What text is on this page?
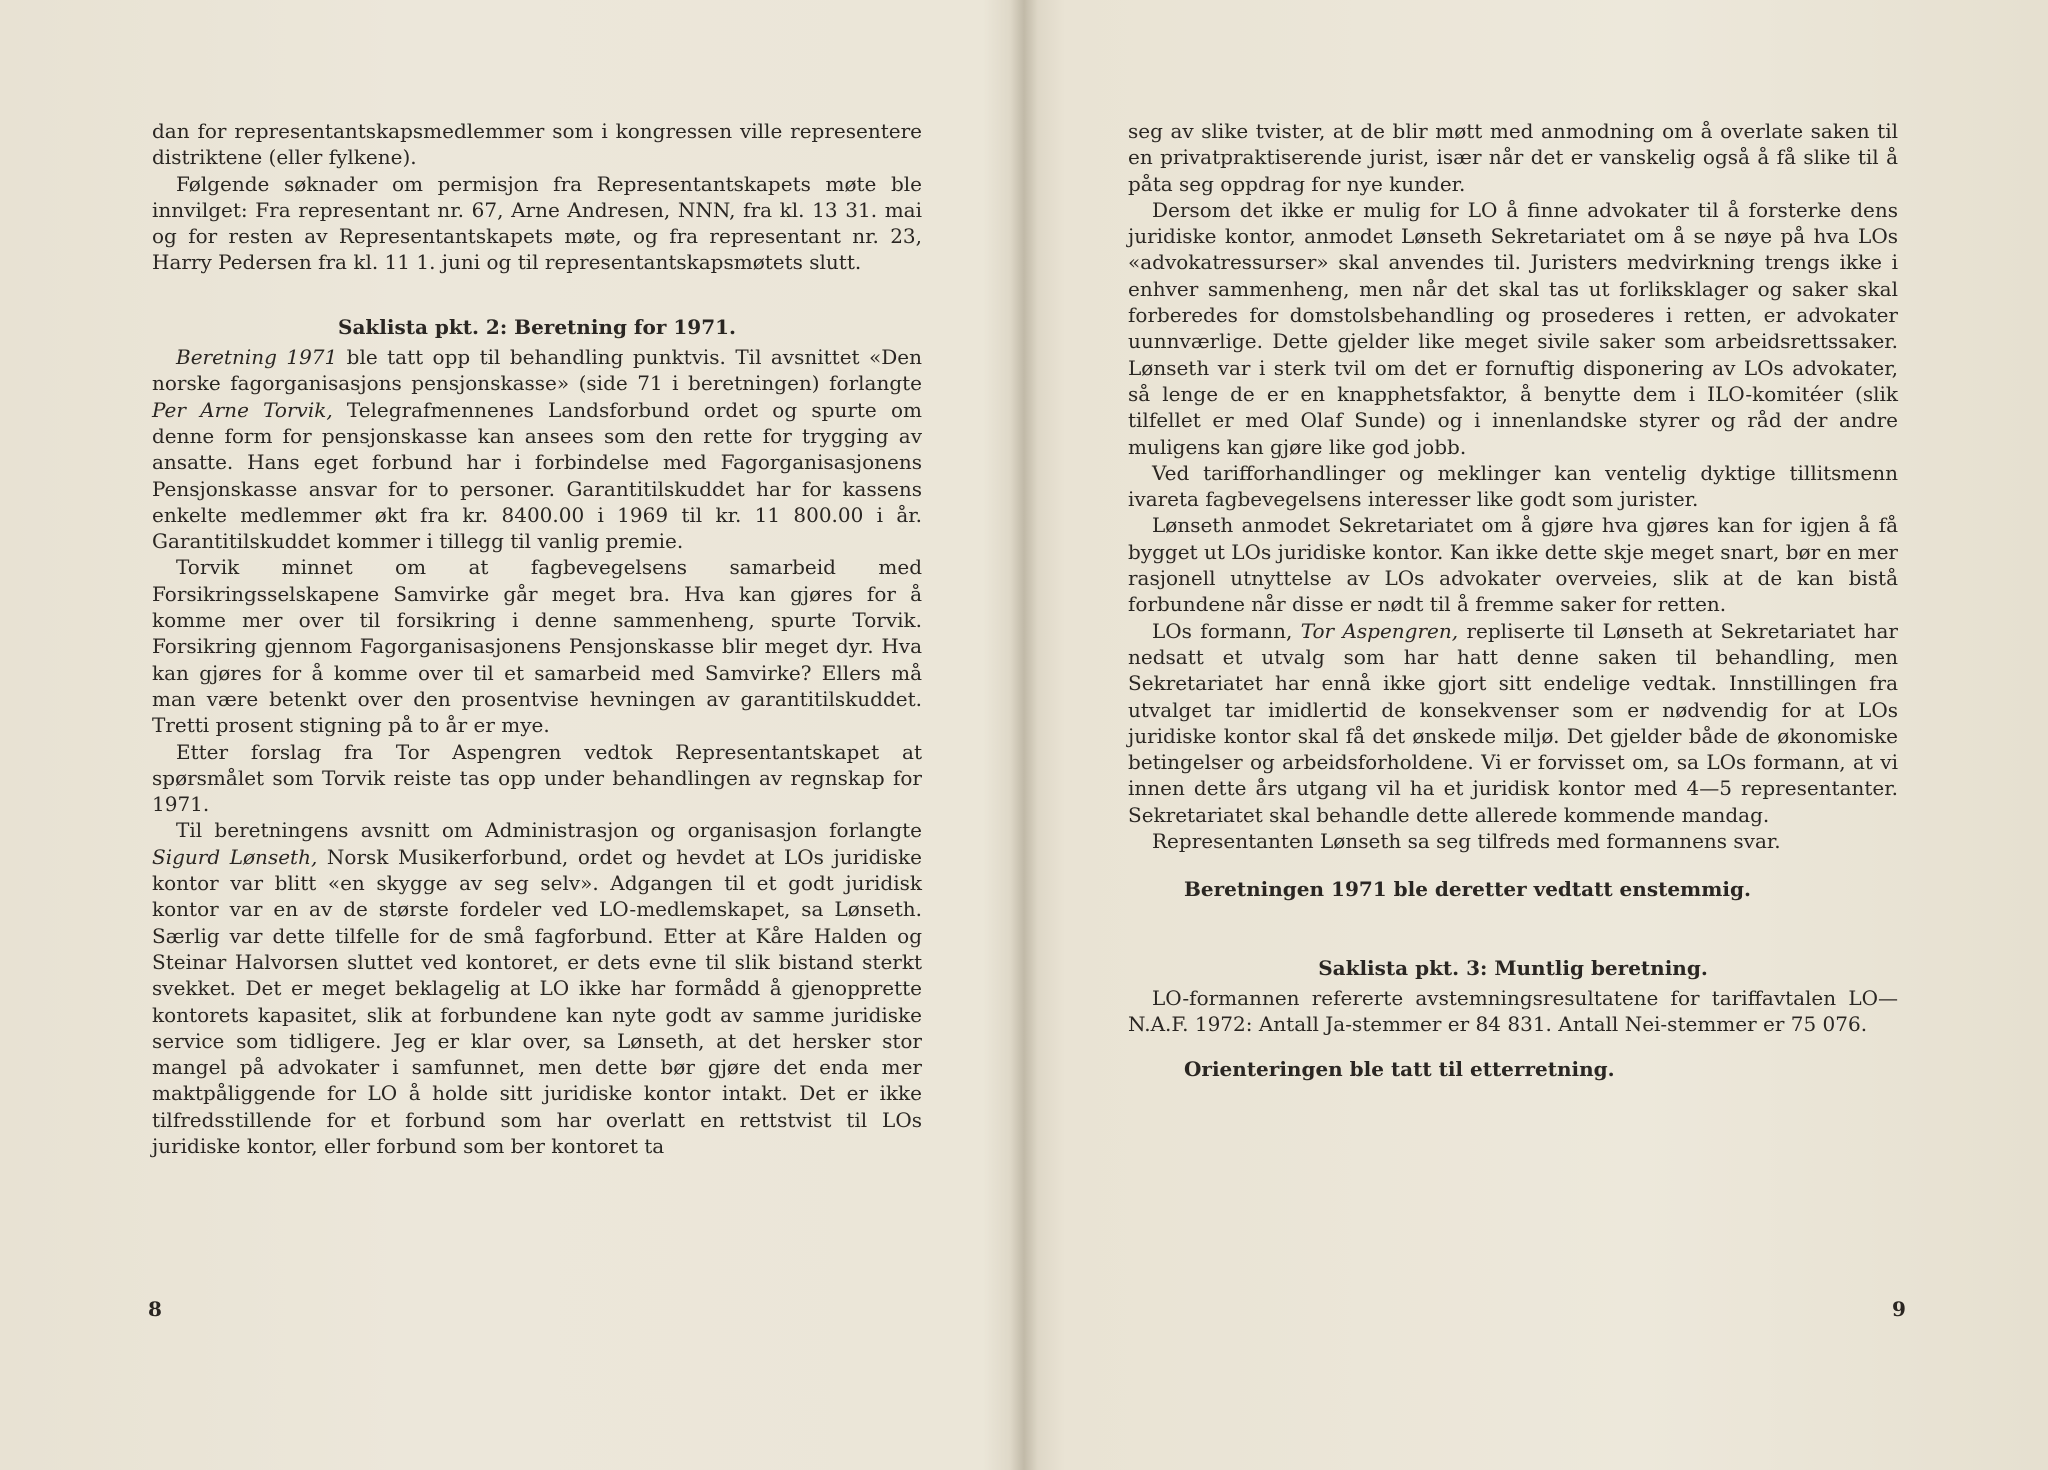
dan for representantskapsmedlemmer som i kongressen ville representere distriktene (eller fylkene).

Følgende søknader om permisjon fra Representantskapets møte ble innvilget: Fra representant nr. 67, Arne Andresen, NNN, fra kl. 13 31. mai og for resten av Representantskapets møte, og fra representant nr. 23, Harry Pedersen fra kl. 11 1. juni og til representantskapsmøtets slutt.

Saklista pkt. 2: Beretning for 1971.

Beretning 1971 ble tatt opp til behandling punktvis. Til avsnittet «Den norske fagorganisasjons pensjonskasse» (side 71 i beretningen) forlangte Per Arne Torvik, Telegrafmennenes Landsforbund ordet og spurte om denne form for pensjonskasse kan ansees som den rette for trygging av ansatte. Hans eget forbund har i forbindelse med Fagorganisasjonens Pensjonskasse ansvar for to personer. Garantitilskuddet har for kassens enkelte medlemmer økt fra kr. 8400.00 i 1969 til kr. 11 800.00 i år. Garantitilskuddet kommer i tillegg til vanlig premie.

Torvik minnet om at fagbevegelsens samarbeid med Forsikringsselskapene Samvirke går meget bra. Hva kan gjøres for å komme mer over til forsikring i denne sammenheng, spurte Torvik. Forsikring gjennom Fagorganisasjonens Pensjonskasse blir meget dyr. Hva kan gjøres for å komme over til et samarbeid med Samvirke? Ellers må man være betenkt over den prosentvise hevningen av garantitilskuddet. Tretti prosent stigning på to år er mye.

Etter forslag fra Tor Aspengren vedtok Representantskapet at spørsmålet som Torvik reiste tas opp under behandlingen av regnskap for 1971.

Til beretningens avsnitt om Administrasjon og organisasjon forlangte Sigurd Lønseth, Norsk Musikerforbund, ordet og hevdet at LOs juridiske kontor var blitt «en skygge av seg selv». Adgangen til et godt juridisk kontor var en av de største fordeler ved LO-medlemskapet, sa Lønseth. Særlig var dette tilfelle for de små fagforbund. Etter at Kåre Halden og Steinar Halvorsen sluttet ved kontoret, er dets evne til slik bistand sterkt svekket. Det er meget beklagelig at LO ikke har formådd å gjenopprette kontorets kapasitet, slik at forbundene kan nyte godt av samme juridiske service som tidligere. Jeg er klar over, sa Lønseth, at det hersker stor mangel på advokater i samfunnet, men dette bør gjøre det enda mer maktpåliggende for LO å holde sitt juridiske kontor intakt. Det er ikke tilfredsstillende for et forbund som har overlatt en rettstvist til LOs juridiske kontor, eller forbund som ber kontoret ta

8

seg av slike tvister, at de blir møtt med anmodning om å overlate saken til en privatpraktiserende jurist, især når det er vanskelig også å få slike til å påta seg oppdrag for nye kunder.

Dersom det ikke er mulig for LO å finne advokater til å forsterke dens juridiske kontor, anmodet Lønseth Sekretariatet om å se nøye på hva LOs «advokatressurser» skal anvendes til. Juristers medvirkning trengs ikke i enhver sammenheng, men når det skal tas ut forliksklager og saker skal forberedes for domstolsbehandling og prosederes i retten, er advokater uunnværlige. Dette gjelder like meget sivile saker som arbeidsrettssaker. Lønseth var i sterk tvil om det er fornuftig disponering av LOs advokater, så lenge de er en knapphetsfaktor, å benytte dem i ILO-komitéer (slik tilfellet er med Olaf Sunde) og i innenlandske styrer og råd der andre muligens kan gjøre like god jobb.

Ved tarifforhandlinger og meklinger kan ventelig dyktige tillitsmenn ivareta fagbevegelsens interesser like godt som jurister.

Lønseth anmodet Sekretariatet om å gjøre hva gjøres kan for igjen å få bygget ut LOs juridiske kontor. Kan ikke dette skje meget snart, bør en mer rasjonell utnyttelse av LOs advokater overveies, slik at de kan bistå forbundene når disse er nødt til å fremme saker for retten.

LOs formann, Tor Aspengren, repliserte til Lønseth at Sekretariatet har nedsatt et utvalg som har hatt denne saken til behandling, men Sekretariatet har ennå ikke gjort sitt endelige vedtak. Innstillingen fra utvalget tar imidlertid de konsekvenser som er nødvendig for at LOs juridiske kontor skal få det ønskede miljø. Det gjelder både de økonomiske betingelser og arbeidsforholdene. Vi er forvisset om, sa LOs formann, at vi innen dette års utgang vil ha et juridisk kontor med 4—5 representanter. Sekretariatet skal behandle dette allerede kommende mandag.

Representanten Lønseth sa seg tilfreds med formannens svar.

Beretningen 1971 ble deretter vedtatt enstemmig.

Saklista pkt. 3: Muntlig beretning.

LO-formannen refererte avstemningsresultatene for tariffavtalen LO—N.A.F. 1972: Antall Ja-stemmer er 84 831. Antall Nei-stemmer er 75 076.

Orienteringen ble tatt til etterretning.

9
